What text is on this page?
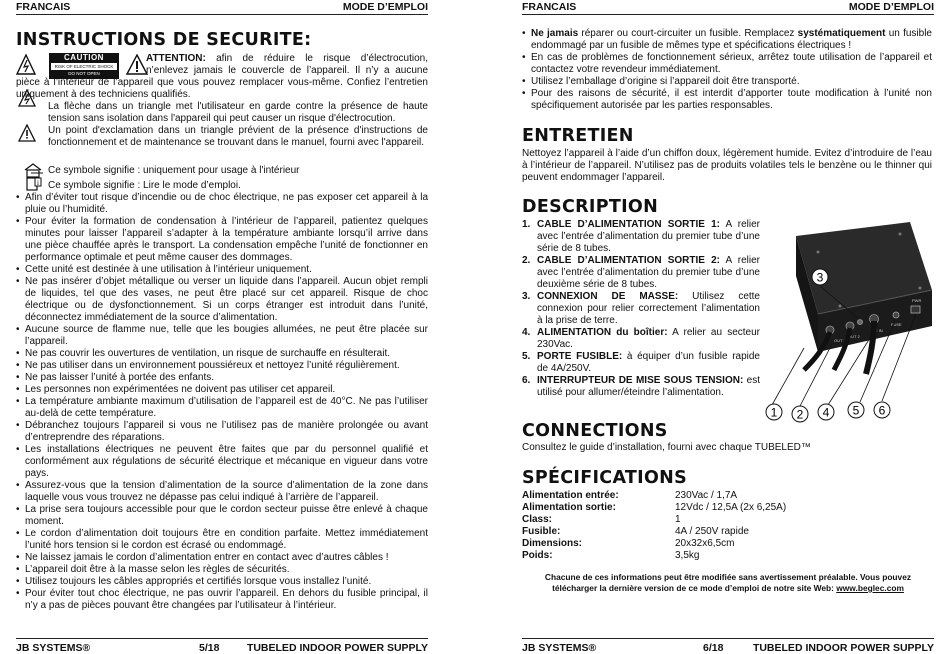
FRANCAIS	MODE D’EMPLOI
INSTRUCTIONS DE SECURITE:
CAUTION
RISK OF ELECTRIC SHOCK
DO NOT OPEN
ATTENTION: afin de réduire le risque d’électrocution, n’enlevez jamais le couvercle de l’appareil. Il n’y a aucune pièce à l’intérieur de l’appareil que vous pouvez remplacer vous-même. Confiez l’entretien uniquement à des techniciens qualifiés.
La flèche dans un triangle met l'utilisateur en garde contre la présence de haute tension sans isolation dans l'appareil qui peut causer un risque d'électrocution.
Un point d'exclamation dans un triangle prévient de la présence d'instructions de fonctionnement et de maintenance se trouvant dans le manuel, fourni avec l'appareil.
Ce symbole signifie : uniquement pour usage à l'intérieur
i Ce symbole signifie : Lire le mode d’emploi.
• Afin d’éviter tout risque d’incendie ou de choc électrique, ne pas exposer cet appareil à la pluie ou l’humidité.
• Pour éviter la formation de condensation à l’intérieur de l’appareil, patientez quelques minutes pour laisser l’appareil s’adapter à la température ambiante lorsqu’il arrive dans une pièce chauffée après le transport. La condensation empêche l’unité de fonctionner en performance optimale et peut même causer des dommages.
• Cette unité est destinée à une utilisation à l’intérieur uniquement.
• Ne pas insérer d’objet métallique ou verser un liquide dans l’appareil. Aucun objet rempli de liquides, tel que des vases, ne peut être placé sur cet appareil. Risque de choc électrique ou de dysfonctionnement. Si un corps étranger est introduit dans l’unité, déconnectez immédiatement de la source d’alimentation.
• Aucune source de flamme nue, telle que les bougies allumées, ne peut être placée sur l’appareil.
• Ne pas couvrir les ouvertures de ventilation, un risque de surchauffe en résulterait.
• Ne pas utiliser dans un environnement poussiéreux et nettoyez l’unité régulièrement.
• Ne pas laisser l’unité à portée des enfants.
• Les personnes non expérimentées ne doivent pas utiliser cet appareil.
• La température ambiante maximum d’utilisation de l’appareil est de 40°C. Ne pas l’utiliser au-delà de cette température.
• Débranchez toujours l’appareil si vous ne l’utilisez pas de manière prolongée ou avant d’entreprendre des réparations.
• Les installations électriques ne peuvent être faites que par du personnel qualifié et conformément aux régulations de sécurité électrique et mécanique en vigueur dans votre pays.
• Assurez-vous que la tension d’alimentation de la source d’alimentation de la zone dans laquelle vous vous trouvez ne dépasse pas celui indiqué à l’arrière de l’appareil.
• La prise sera toujours accessible pour que le cordon secteur puisse être enlevé à chaque moment.
• Le cordon d’alimentation doit toujours être en condition parfaite. Mettez immédiatement l’unité hors tension si le cordon est écrasé ou endommagé.
• Ne laissez jamais le cordon d’alimentation entrer en contact avec d’autres câbles !
• L’appareil doit être à la masse selon les règles de sécurités.
• Utilisez toujours les câbles appropriés et certifiés lorsque vous installez l’unité.
• Pour éviter tout choc électrique, ne pas ouvrir l’appareil. En dehors du fusible principal, il n’y a pas de pièces pouvant être changées par l’utilisateur à l’intérieur.
JB SYSTEMS®	5/18	TUBELED INDOOR POWER SUPPLY
FRANCAIS	MODE D’EMPLOI
• Ne jamais réparer ou court-circuiter un fusible. Remplacez systématiquement un fusible endommagé par un fusible de mêmes type et spécifications électriques !
• En cas de problèmes de fonctionnement sérieux, arrêtez toute utilisation de l’appareil et contactez votre revendeur immédiatement.
• Utilisez l’emballage d’origine si l’appareil doit être transporté.
• Pour des raisons de sécurité, il est interdit d’apporter toute modification à l’unité non spécifiquement autorisée par les parties responsables.
ENTRETIEN
Nettoyez l’appareil à l’aide d’un chiffon doux, légèrement humide. Evitez d’introduire de l’eau à l’intérieur de l’appareil. N’utilisez pas de produits volatiles tels le benzène ou le thinner qui peuvent endommager l’appareil.
DESCRIPTION
1. CABLE D’ALIMENTATION SORTIE 1: A relier avec l’entrée d’alimentation du premier tube d’une série de 8 tubes.
2. CABLE D’ALIMENTATION SORTIE 2: A relier avec l’entrée d’alimentation du premier tube d’une deuxième série de 8 tubes.
3. CONNEXION DE MASSE: Utilisez cette connexion pour relier correctement l’alimentation à la prise de terre.
4. ALIMENTATION du boîtier: A relier au secteur 230Vac.
5. PORTE FUSIBLE: à équiper d’un fusible rapide de 4A/250V.
6. INTERRUPTEUR DE MISE SOUS TENSION: est utilisé pour allumer/éteindre l’alimentation.
OUT 1
OUT 2
AC IN
FUSE
PWR
3
1 2 4 5 6
CONNECTIONS
Consultez le guide d’installation, fourni avec chaque TUBELED™
SPÉCIFICATIONS
Alimentation entrée:	230Vac / 1,7A
Alimentation sortie:	12Vdc / 12,5A (2x 6,25A)
Class:	1
Fusible:	4A / 250V rapide
Dimensions:	20x32x6,5cm
Poids:	3,5kg
Chacune de ces informations peut être modifiée sans avertissement préalable. Vous pouvez
télécharger la dernière version de ce mode d’emploi de notre site Web: www.beglec.com
JB SYSTEMS®	6/18	TUBELED INDOOR POWER SUPPLY
